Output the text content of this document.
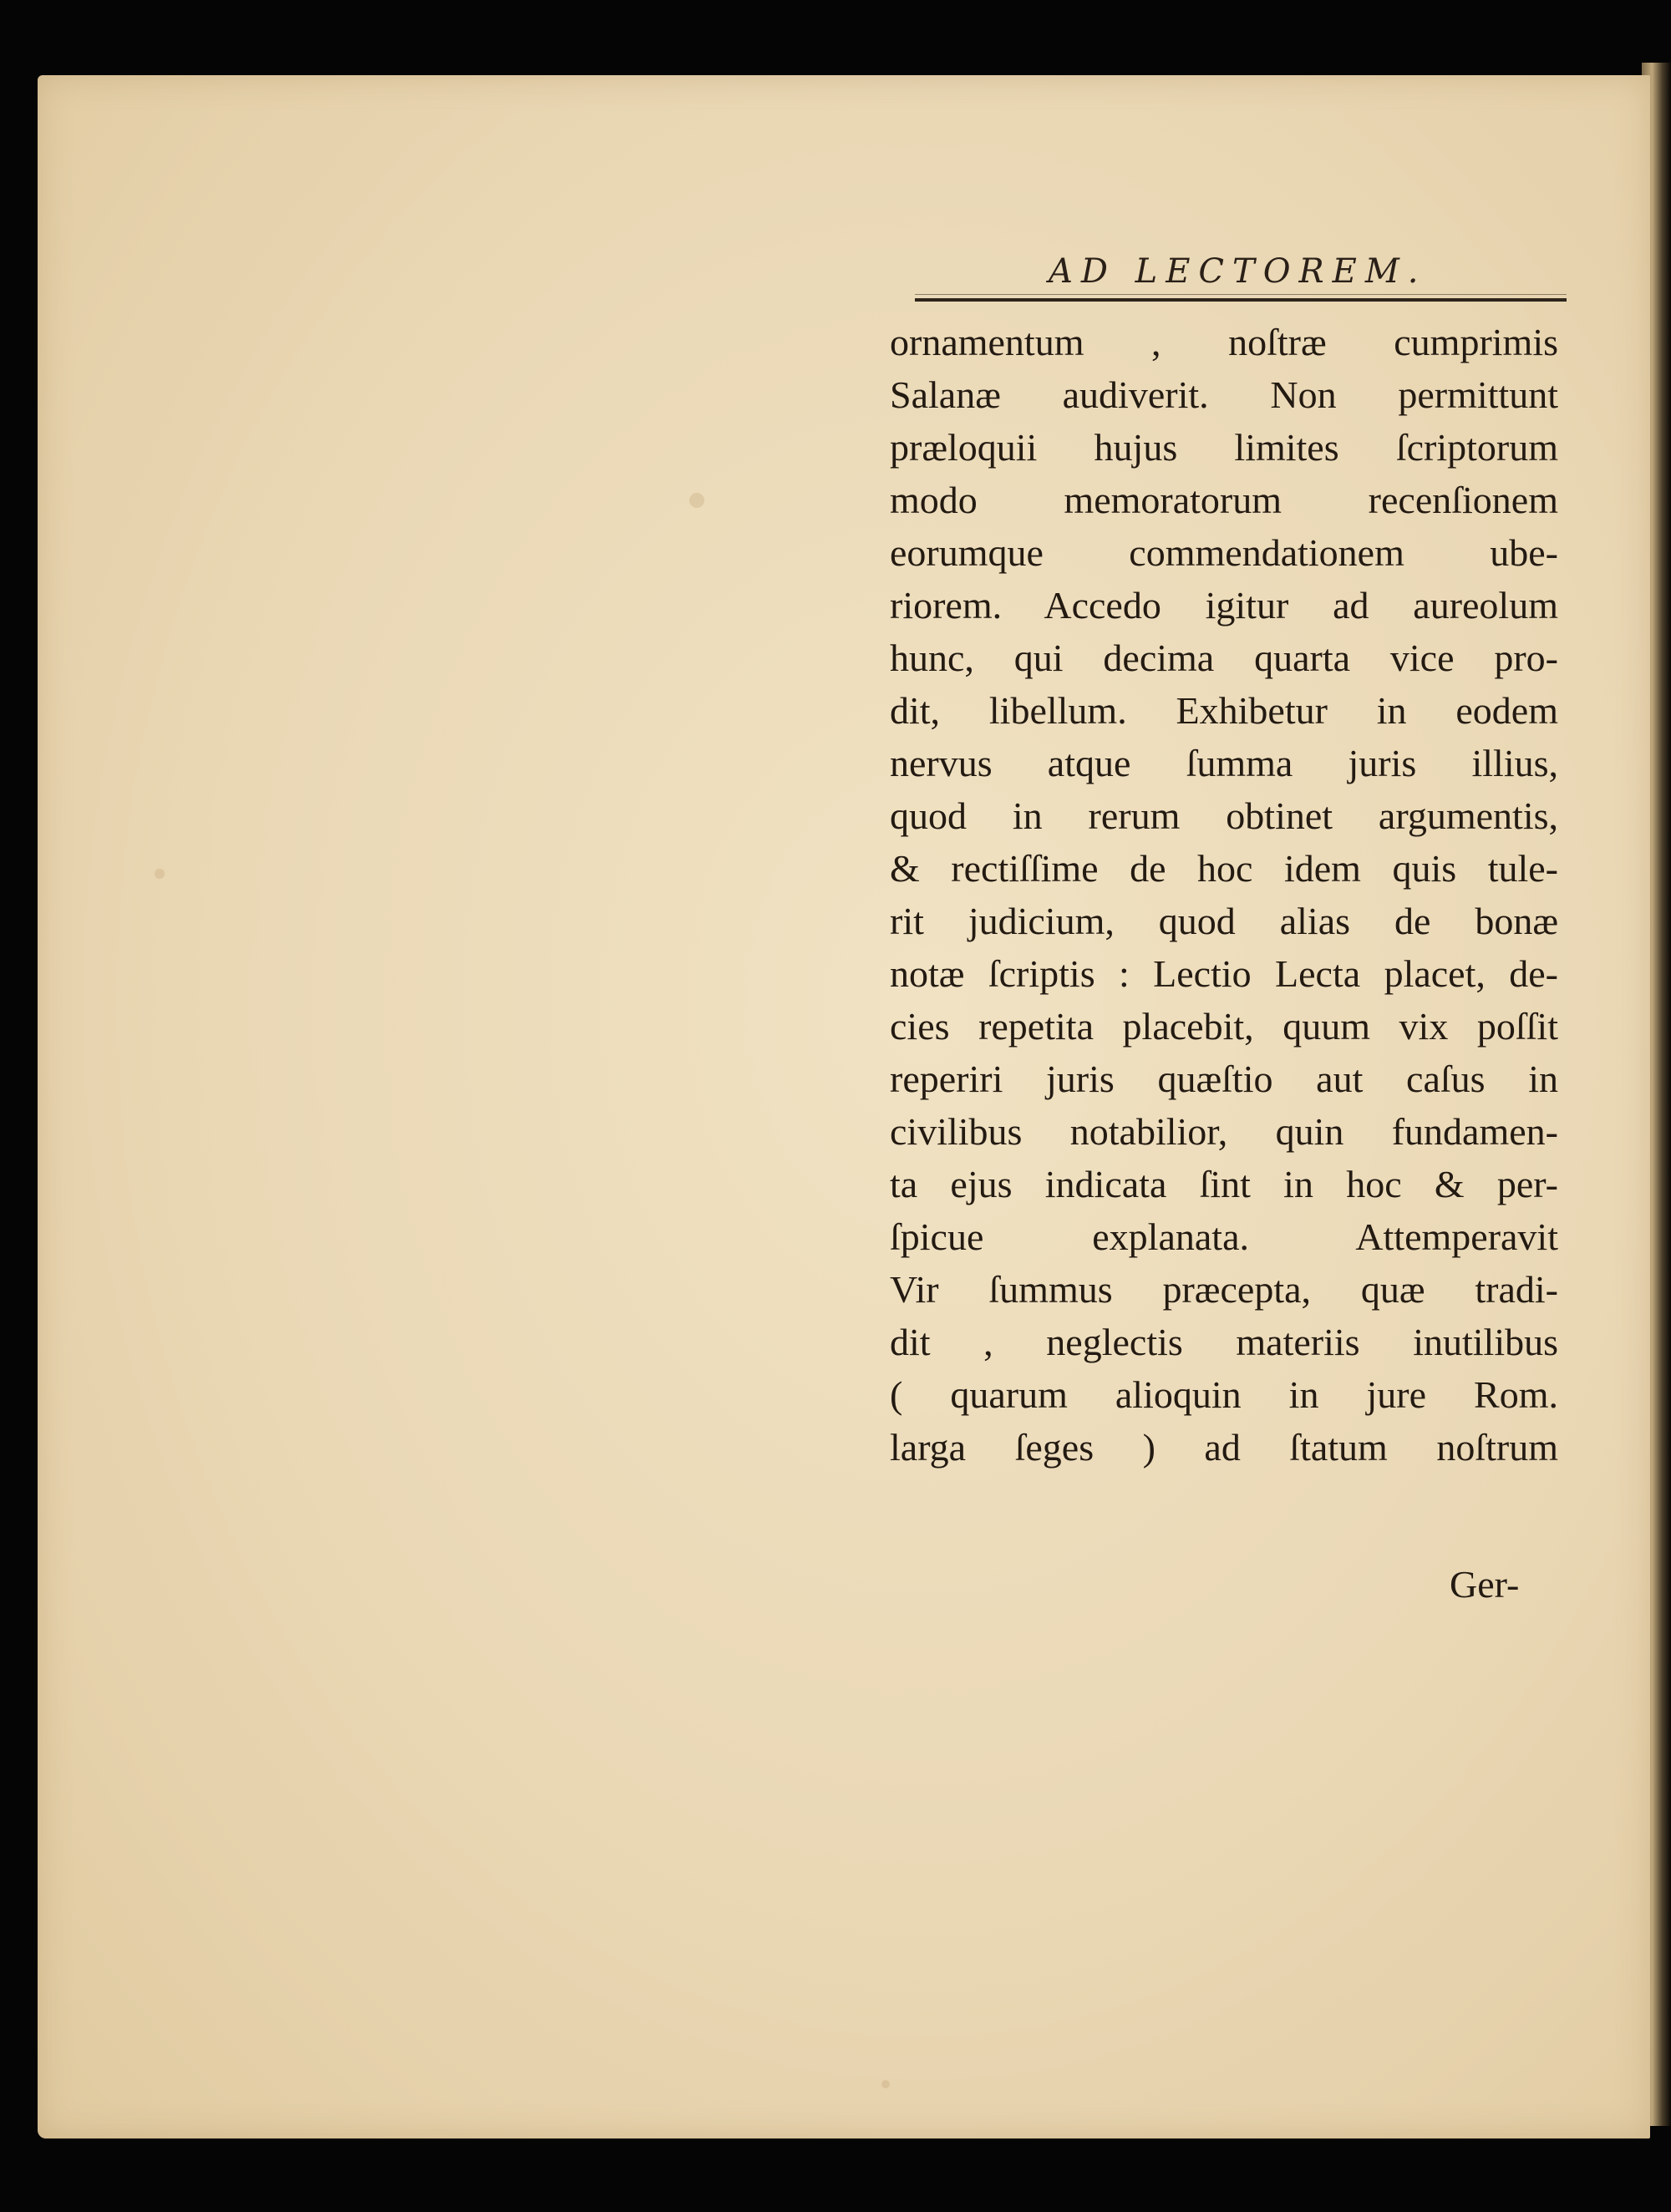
AD LECTOREM.
ornamentum , noſtræ cumprimis
Salanæ audiverit. Non permittunt
præloquii hujus limites ſcriptorum
modo memoratorum recenſionem
eorumque commendationem ube-
riorem. Accedo igitur ad aureolum
hunc, qui decima quarta vice pro-
dit, libellum. Exhibetur in eodem
nervus atque ſumma juris illius,
quod in rerum obtinet argumentis,
& rectiſſime de hoc idem quis tule-
rit judicium, quod alias de bonæ
notæ ſcriptis : Lectio Lecta placet, de-
cies repetita placebit, quum vix poſſit
reperiri juris quæſtio aut caſus in
civilibus notabilior, quin fundamen-
ta ejus indicata ſint in hoc & per-
ſpicue explanata. Attemperavit
Vir ſummus præcepta, quæ tradi-
dit , neglectis materiis inutilibus
( quarum alioquin in jure Rom.
larga ſeges ) ad ſtatum noſtrum
Ger-
